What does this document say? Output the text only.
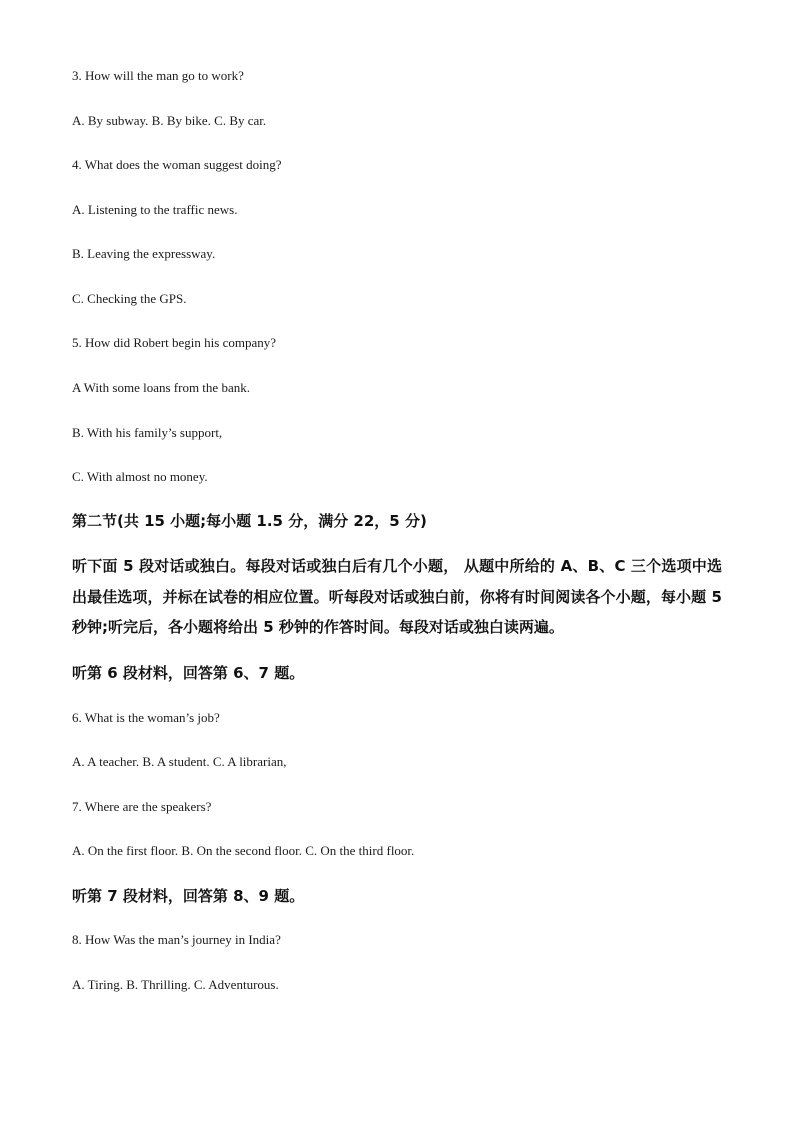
3. How will the man go to work?
A. By subway. B. By bike. C. By car.
4. What does the woman suggest doing?
A. Listening to the traffic news.
B. Leaving the expressway.
C. Checking the GPS.
5. How did Robert begin his company?
A With some loans from the bank.
B. With his family’s support,
C. With almost no money.
第二节(共 15 小题;每小题 1.5 分，满分 22，5 分)
听下面 5 段对话或独白。每段对话或独白后有几个小题， 从题中所给的 A、B、C 三个选项中选出最佳选项，并标在试卷的相应位置。听每段对话或独白前，你将有时间阅读各个小题，每小题 5 秒钟;听完后，各小题将给出 5 秒钟的作答时间。每段对话或独白读两遍。
听第 6 段材料，回答第 6、7 题。
6. What is the woman’s job?
A. A teacher. B. A student. C. A librarian,
7. Where are the speakers?
A. On the first floor. B. On the second floor. C. On the third floor.
听第 7 段材料，回答第 8、9 题。
8. How Was the man’s journey in India?
A. Tiring. B. Thrilling. C. Adventurous.
